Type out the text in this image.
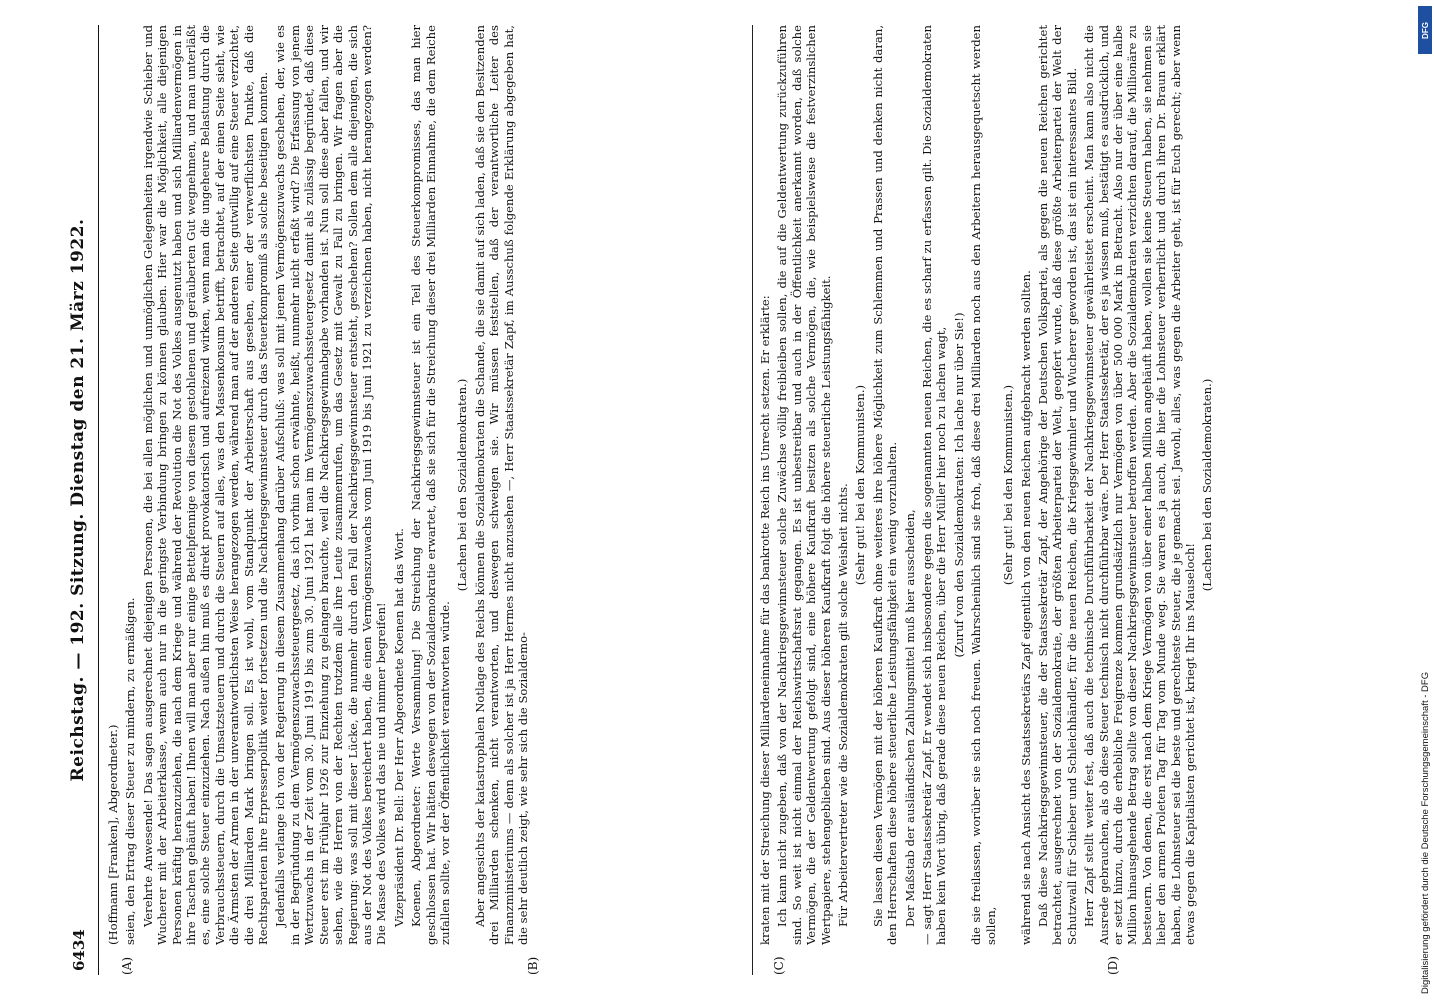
6434
Reichstag. — 192. Sitzung. Dienstag den 21. März 1922.
(A)	(B)	(C)	(D)

(Hoffmann [Franken], Abgeordneter.) seien, den Ertrag dieser Steuer zu mindern, zu ermäßigen. Verehrte Anwesende! Das sagen ausgerechnet diejenigen Personen, die bei allen möglichen und unmöglichen Gelegenheiten irgendwie Schieber und Wucherer mit der Arbeiterklasse, wenn auch nur in die geringste Verbindung bringen zu können glauben. Hier war die Möglichkeit, alle diejenigen Personen kräftig heranzuziehen, die nach dem Kriege und während der Revolution die Not des Volkes ausgenutzt haben und sich Milliardenvermögen in ihre Taschen gehäuft haben! Ihnen will man aber nur einige Bettelpfennige von diesem gestohlenen und geräuberten Gut wegnehmen, und man unterläßt es, eine solche Steuer einzuziehen. Nach außen hin muß es direkt provokatorisch und aufreizend wirken, wenn man die ungeheure Belastung durch die Verbrauchssteuern, durch die Umsatzsteuern und durch die Steuern auf alles, was den Massenkonsum betrifft, betrachtet, auf der einen Seite sieht, wie die Ärmsten der Armen in der unverantwortlichsten Weise herangezogen werden, während man auf der anderen Seite gutwillig auf eine Steuer verzichtet, die drei Milliarden Mark bringen soll. Es ist wohl, vom Standpunkt der Arbeiterschaft aus gesehen, einer der verwerflichsten Punkte, daß die Rechtsparteien ihre Erpresserpolitik weiter fortsetzen und die Nachkriegsgewinnsteuer durch das Steuerkompromiß als solche beseitigen konnten. Jedenfalls verlange ich von der Regierung in diesem Zusammenhang darüber Aufschluß: was soll mit jenem Vermögenszuwachs geschehen, der, wie es in der Begründung zu dem Vermögenszuwachssteuergesetz, das ich vorhin schon erwähnte, heißt, nunmehr nicht erfaßt wird? Die Erfassung von jenem Wertzuwachs in der Zeit vom 30. Juni 1919 bis zum 30. Juni 1921 hat man im Vermögenszuwachssteuergesetz damit als zulässig begründet, daß diese Steuer erst im Frühjahr 1926 zur Einziehung zu gelangen brauchte, weil die Nachkriegsgewinnabgabe vorhanden ist. Nun soll diese aber fallen, und wir sehen, wie die Herren von der Rechten trotzdem alle ihre Leute zusammenrufen, um das Gesetz mit Gewalt zu Fall zu bringen. Wir fragen aber die Regierung: was soll mit dieser Lücke, die nunmehr durch den Fall der Nachkriegsgewinnsteuer entsteht, geschehen? Sollen dem alle diejenigen, die sich aus der Not des Volkes bereichert haben, die einen Vermögenszuwachs vom Juni 1919 bis Juni 1921 zu verzeichnen haben, nicht herangezogen werden? Die Masse des Volkes wird das nie und nimmer begreifen! Vizepräsident Dr. Bell: Der Herr Abgeordnete Koenen hat das Wort. Koenen, Abgeordneter: Werte Versammlung! Die Streichung der Nachkriegsgewinnsteuer ist ein Teil des Steuerkompromisses, das man hier geschlossen hat. Wir hätten deswegen von der Sozialdemokratie erwartet, daß sie sich für die Streichung dieser drei Milliarden Einnahme, die dem Reiche zufallen sollte, vor der Öffentlichkeit verantworten würde.

(Lachen bei den Sozialdemokraten.) Aber angesichts der katastrophalen Notlage des Reichs können die Sozialdemokraten die Schande, die sie damit auf sich laden, daß sie den Besitzenden drei Milliarden schenken, nicht verantworten, und deswegen schweigen sie. Wir müssen feststellen, daß der verantwortliche Leiter des Finanzministeriums — denn als solcher ist ja Herr Hermes nicht anzusehen —, Herr Staatssekretär Zapf, im Ausschuß folgende Erklärung abgegeben hat, die sehr deutlich zeigt, wie sehr sich die Sozialdemo-	kraten mit der Streichung dieser Milliardeneinnahme für das bankrotte Reich ins Unrecht setzen. Er erklärte: Ich kann nicht zugeben, daß von der Nachkriegsgewinnsteuer solche Zuwächse völlig freibleiben sollen, die auf die Geldentwertung zurückzuführen sind. So weit ist nicht einmal der Reichswirtschaftsrat gegangen. Es ist unbestreitbar und auch in der Öffentlichkeit anerkannt worden, daß solche Vermögen, die der Geldentwertung gefolgt sind, eine höhere Kaufkraft besitzen als solche Vermögen, die, wie beispielsweise die festverzinslichen Wertpapiere, stehengeblieben sind. Aus dieser höheren Kaufkraft folgt die höhere steuerliche Leistungsfähigkeit. Für Arbeitervertreter wie die Sozialdemokraten gilt solche Weisheit nichts. (Sehr gut! bei den Kommunisten.) Sie lassen diesen Vermögen mit der höheren Kaufkraft ohne weiteres ihre höhere Möglichkeit zum Schlemmen und Prassen und denken nicht daran, den Herrschaften diese höhere steuerliche Leistungsfähigkeit ein wenig vorzuhalten. Der Maßstab der ausländischen Zahlungsmittel muß hier ausscheiden, — sagt Herr Staatssekretär Zapf. Er wendet sich insbesondere gegen die sogenannten neuen Reichen, die es scharf zu erfassen gilt. Die Sozialdemokraten haben kein Wort übrig, daß gerade diese neuen Reichen, über die Herr Müller hier noch zu lachen wagt, (Zuruf von den Sozialdemokraten: Ich lache nur über Sie!) die sie freilassen, worüber sie sich noch freuen. Wahrscheinlich sind sie froh, daß diese drei Milliarden noch aus den Arbeitern herausgequetscht werden sollen,

(Sehr gut! bei den Kommunisten.) während sie nach Ansicht des Staatssekretärs Zapf eigentlich von den neuen Reichen aufgebracht werden sollten. Daß diese Nachkriegsgewinnsteuer, die der Staatssekretär Zapf, der Angehörige der Deutschen Volkspartei, als gegen die neuen Reichen gerichtet betrachtet, ausgerechnet von der Sozialdemokratie, der größten Arbeiterpartei der Welt, geopfert wurde, daß diese größte Arbeiterpartei der Welt der Schutzwall für Schieber und Schleichhändler, für die neuen Reichen, die Kriegsgewinnler und Wucherer geworden ist, das ist ein interessantes Bild. Herr Zapf stellt weiter fest, daß auch die technische Durchführbarkeit der Nachkriegsgewinnsteuer gewährleistet erscheint. Man kann also nicht die Ausrede gebrauchen, als ob diese Steuer technisch nicht durchführbar wäre. Der Herr Staatssekretär, der es ja wissen muß, bestätigt es ausdrücklich, und er setzt hinzu, durch die erhebliche Freigrenze kommen grundsätzlich nur Vermögen von über 500 000 Mark in Betracht. Also nur der über eine halbe Million hinausgehende Betrag sollte von dieser Nachkriegsgewinnsteuer betroffen werden. Aber die Sozialdemokraten verzichten darauf, die Millionäre zu besteuern. Von denen, die erst nach dem Kriege Vermögen von über einer halben Million angehäuft haben, wollen sie keine Steuern haben, sie nehmen sie lieber den armen Proleten Tag für Tag vom Munde weg. Sie waren es ja auch, die hier die Lohnsteuer verherrlicht und durch ihren Dr. Braun erklärt haben, die Lohnsteuer sei die beste und gerechteste Steuer, die je gemacht sei. Jawohl, alles, was gegen die Arbeiter geht, ist für Euch gerecht; aber wenn etwas gegen die Kapitalisten gerichtet ist, kriegt Ihr ins Mauseloch!

(Lachen bei den Sozialdemokraten.)

DFG
Digitalisierung gefördert durch die Deutsche Forschungsgemeinschaft - DFG
